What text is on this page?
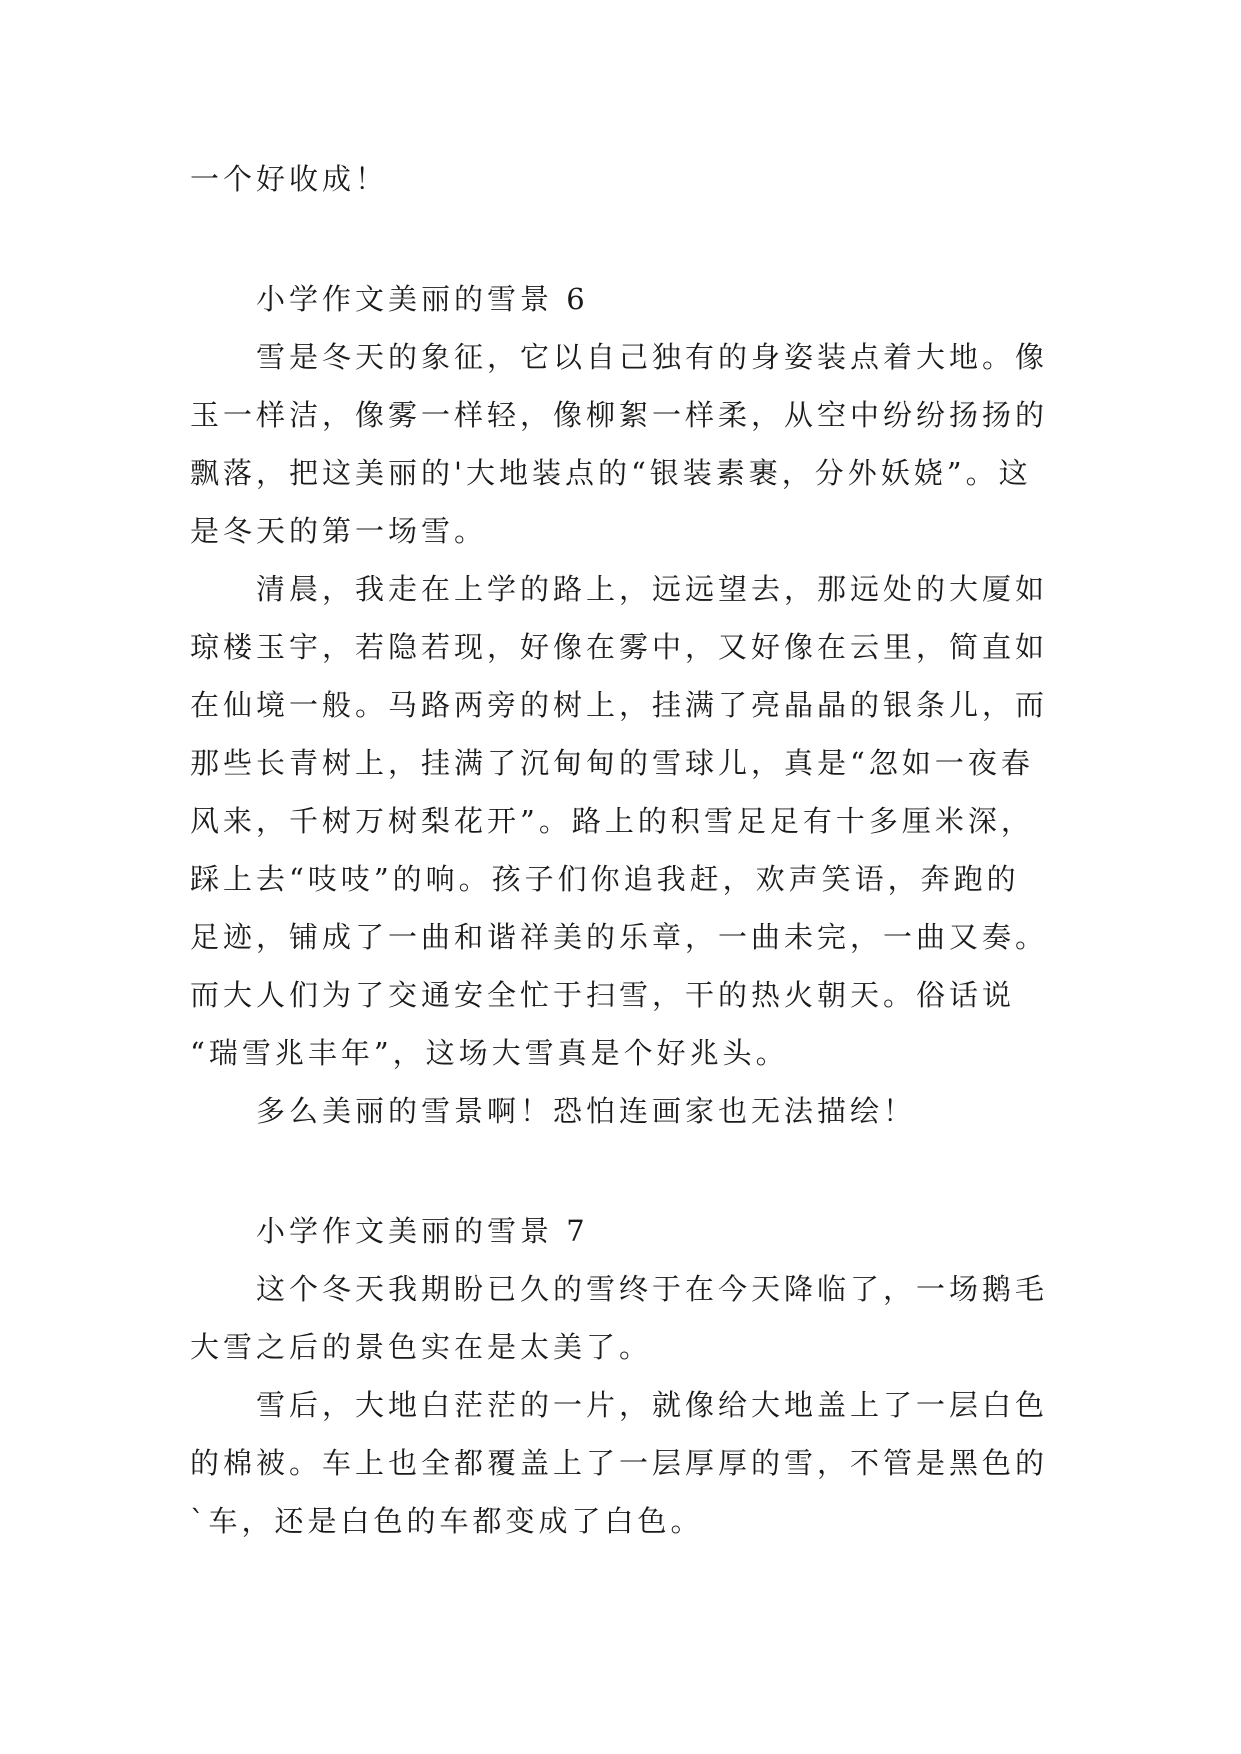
一个好收成！

小学作文美丽的雪景 6

雪是冬天的象征，它以自己独有的身姿装点着大地。像

玉一样洁，像雾一样轻，像柳絮一样柔，从空中纷纷扬扬的

飘落，把这美丽的'大地装点的“银装素裹，分外妖娆”。这

是冬天的第一场雪。

清晨，我走在上学的路上，远远望去，那远处的大厦如

琼楼玉宇，若隐若现，好像在雾中，又好像在云里，简直如

在仙境一般。马路两旁的树上，挂满了亮晶晶的银条儿，而

那些长青树上，挂满了沉甸甸的雪球儿，真是“忽如一夜春

风来，千树万树梨花开”。路上的积雪足足有十多厘米深，

踩上去“吱吱”的响。孩子们你追我赶，欢声笑语，奔跑的

足迹，铺成了一曲和谐祥美的乐章，一曲未完，一曲又奏。

而大人们为了交通安全忙于扫雪，干的热火朝天。俗话说

“瑞雪兆丰年”，这场大雪真是个好兆头。

多么美丽的雪景啊！恐怕连画家也无法描绘！

小学作文美丽的雪景 7

这个冬天我期盼已久的雪终于在今天降临了，一场鹅毛

大雪之后的景色实在是太美了。

雪后，大地白茫茫的一片，就像给大地盖上了一层白色

的棉被。车上也全都覆盖上了一层厚厚的雪，不管是黑色的

`车，还是白色的车都变成了白色。
